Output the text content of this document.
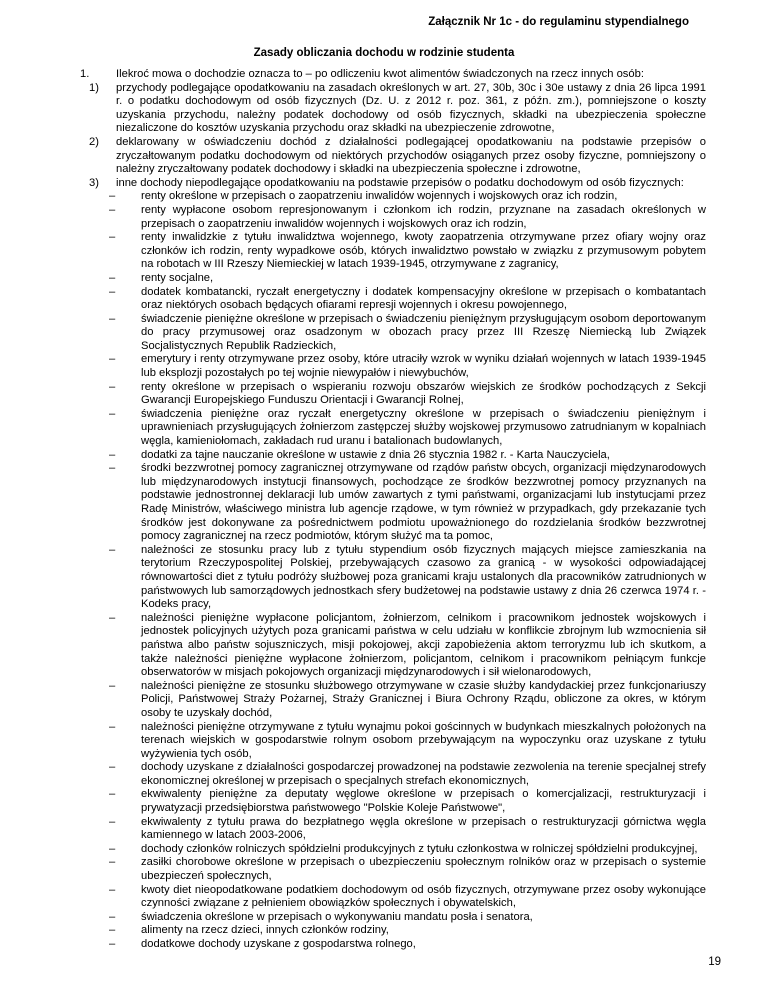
Załącznik Nr 1c - do regulaminu stypendialnego
Zasady obliczania dochodu w rodzinie studenta
1. Ilekroć mowa o dochodzie oznacza to – po odliczeniu kwot alimentów świadczonych na rzecz innych osób:
1) przychody podlegające opodatkowaniu na zasadach określonych w art. 27, 30b, 30c i 30e ustawy z dnia 26 lipca 1991 r. o podatku dochodowym od osób fizycznych (Dz. U. z 2012 r. poz. 361, z późn. zm.), pomniejszone o koszty uzyskania przychodu, należny podatek dochodowy od osób fizycznych, składki na ubezpieczenia społeczne niezaliczone do kosztów uzyskania przychodu oraz składki na ubezpieczenie zdrowotne,
2) deklarowany w oświadczeniu dochód z działalności podlegającej opodatkowaniu na podstawie przepisów o zryczałtowanym podatku dochodowym od niektórych przychodów osiąganych przez osoby fizyczne, pomniejszony o należny zryczałtowany podatek dochodowy i składki na ubezpieczenia społeczne i zdrowotne,
3) inne dochody niepodlegające opodatkowaniu na podstawie przepisów o podatku dochodowym od osób fizycznych:
– renty określone w przepisach o zaopatrzeniu inwalidów wojennych i wojskowych oraz ich rodzin,
– renty wypłacone osobom represjonowanym i członkom ich rodzin, przyznane na zasadach określonych w przepisach o zaopatrzeniu inwalidów wojennych i wojskowych oraz ich rodzin,
– renty inwalidzkie z tytułu inwalidztwa wojennego, kwoty zaopatrzenia otrzymywane przez ofiary wojny oraz członków ich rodzin, renty wypadkowe osób, których inwalidztwo powstało w związku z przymusowym pobytem na robotach w III Rzeszy Niemieckiej w latach 1939-1945, otrzymywane z zagranicy,
– renty socjalne,
– dodatek kombatancki, ryczałt energetyczny i dodatek kompensacyjny określone w przepisach o kombatantach oraz niektórych osobach będących ofiarami represji wojennych i okresu powojennego,
– świadczenie pieniężne określone w przepisach o świadczeniu pieniężnym przysługującym osobom deportowanym do pracy przymusowej oraz osadzonym w obozach pracy przez III Rzeszę Niemiecką lub Związek Socjalistycznych Republik Radzieckich,
– emerytury i renty otrzymywane przez osoby, które utraciły wzrok w wyniku działań wojennych w latach 1939-1945 lub eksplozji pozostałych po tej wojnie niewypałów i niewybuchów,
– renty określone w przepisach o wspieraniu rozwoju obszarów wiejskich ze środków pochodzących z Sekcji Gwarancji Europejskiego Funduszu Orientacji i Gwarancji Rolnej,
– świadczenia pieniężne oraz ryczałt energetyczny określone w przepisach o świadczeniu pieniężnym i uprawnieniach przysługujących żołnierzom zastępczej służby wojskowej przymusowo zatrudnianym w kopalniach węgla, kamieniołomach, zakładach rud uranu i batalionach budowlanych,
– dodatki za tajne nauczanie określone w ustawie z dnia 26 stycznia 1982 r. - Karta Nauczyciela,
– środki bezzwrotnej pomocy zagranicznej otrzymywane od rządów państw obcych, organizacji międzynarodowych lub międzynarodowych instytucji finansowych, pochodzące ze środków bezzwrotnej pomocy przyznanych na podstawie jednostronnej deklaracji lub umów zawartych z tymi państwami, organizacjami lub instytucjami przez Radę Ministrów, właściwego ministra lub agencje rządowe, w tym również w przypadkach, gdy przekazanie tych środków jest dokonywane za pośrednictwem podmiotu upoważnionego do rozdzielania środków bezzwrotnej pomocy zagranicznej na rzecz podmiotów, którym służyć ma ta pomoc,
– należności ze stosunku pracy lub z tytułu stypendium osób fizycznych mających miejsce zamieszkania na terytorium Rzeczypospolitej Polskiej, przebywających czasowo za granicą - w wysokości odpowiadającej równowartości diet z tytułu podróży służbowej poza granicami kraju ustalonych dla pracowników zatrudnionych w państwowych lub samorządowych jednostkach sfery budżetowej na podstawie ustawy z dnia 26 czerwca 1974 r. - Kodeks pracy,
– należności pieniężne wypłacone policjantom, żołnierzom, celnikom i pracownikom jednostek wojskowych i jednostek policyjnych użytych poza granicami państwa w celu udziału w konflikcie zbrojnym lub wzmocnienia sił państwa albo państw sojuszniczych, misji pokojowej, akcji zapobieżenia aktom terroryzmu lub ich skutkom, a także należności pieniężne wypłacone żołnierzom, policjantom, celnikom i pracownikom pełniącym funkcje obserwatorów w misjach pokojowych organizacji międzynarodowych i sił wielonarodowych,
– należności pieniężne ze stosunku służbowego otrzymywane w czasie służby kandydackiej przez funkcjonariuszy Policji, Państwowej Straży Pożarnej, Straży Granicznej i Biura Ochrony Rządu, obliczone za okres, w którym osoby te uzyskały dochód,
– należności pieniężne otrzymywane z tytułu wynajmu pokoi gościnnych w budynkach mieszkalnych położonych na terenach wiejskich w gospodarstwie rolnym osobom przebywającym na wypoczynku oraz uzyskane z tytułu wyżywienia tych osób,
– dochody uzyskane z działalności gospodarczej prowadzonej na podstawie zezwolenia na terenie specjalnej strefy ekonomicznej określonej w przepisach o specjalnych strefach ekonomicznych,
– ekwiwalenty pieniężne za deputaty węglowe określone w przepisach o komercjalizacji, restrukturyzacji i prywatyzacji przedsiębiorstwa państwowego "Polskie Koleje Państwowe",
– ekwiwalenty z tytułu prawa do bezpłatnego węgla określone w przepisach o restrukturyzacji górnictwa węgla kamiennego w latach 2003-2006,
– dochody członków rolniczych spółdzielni produkcyjnych z tytułu członkostwa w rolniczej spółdzielni produkcyjnej,
– zasiłki chorobowe określone w przepisach o ubezpieczeniu społecznym rolników oraz w przepisach o systemie ubezpieczeń społecznych,
– kwoty diet nieopodatkowane podatkiem dochodowym od osób fizycznych, otrzymywane przez osoby wykonujące czynności związane z pełnieniem obowiązków społecznych i obywatelskich,
– świadczenia określone w przepisach o wykonywaniu mandatu posła i senatora,
– alimenty na rzecz dzieci, innych członków rodziny,
– dodatkowe dochody uzyskane z gospodarstwa rolnego,
19
